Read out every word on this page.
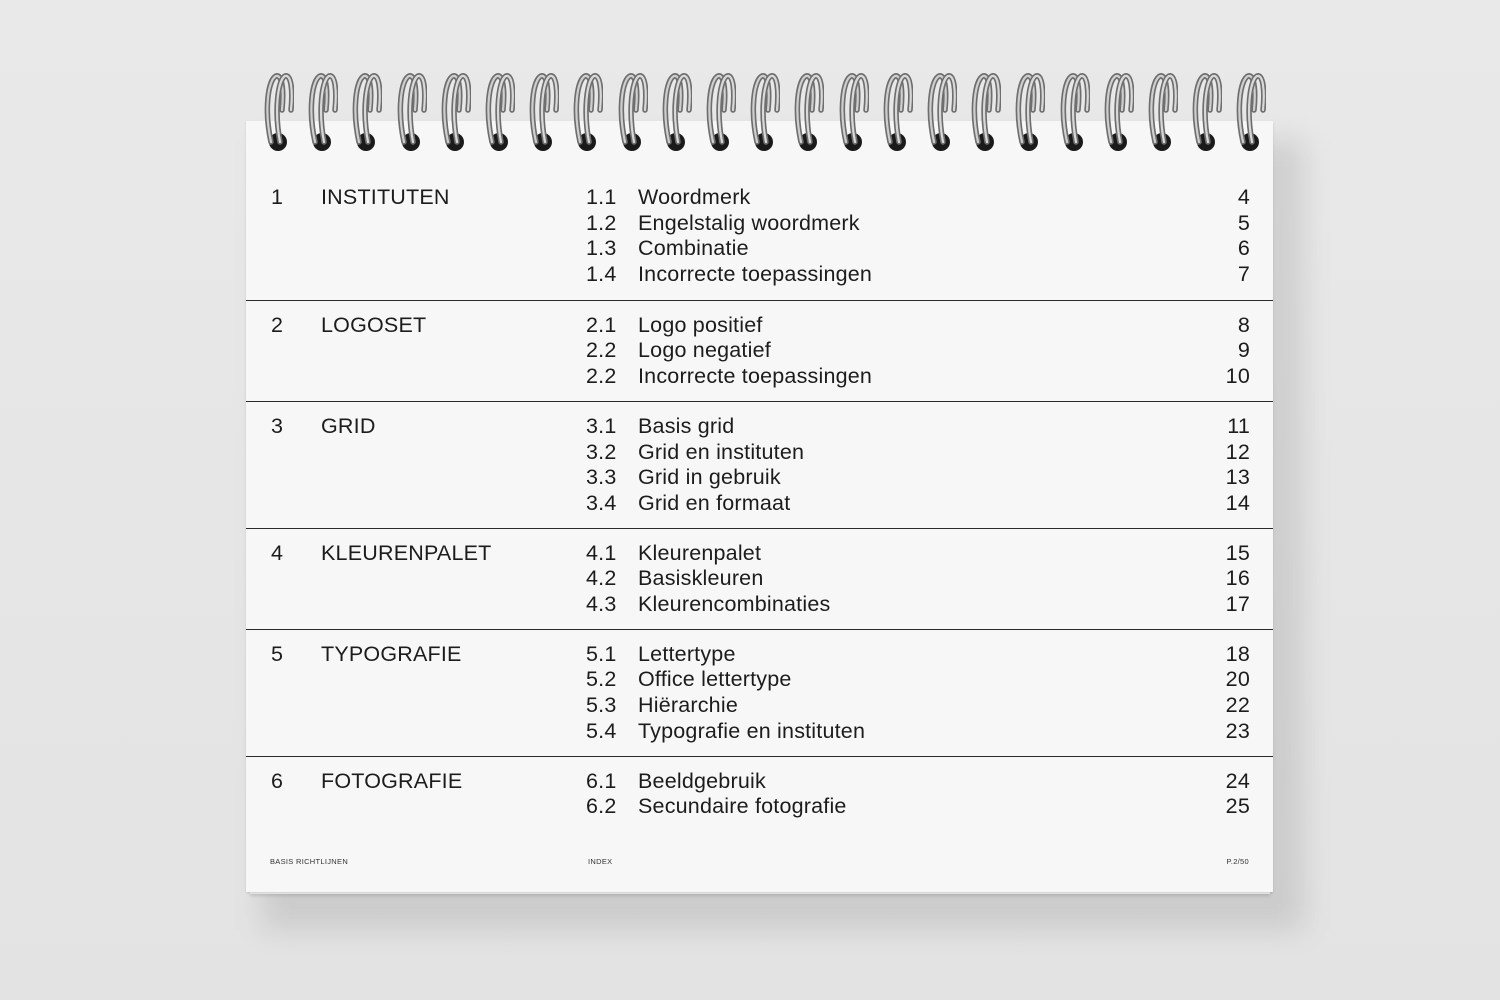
1 INSTITUTEN	1.1 Woordmerk	4
1.2 Engelstalig woordmerk	5
1.3 Combinatie	6
1.4 Incorrecte toepassingen	7
2 LOGOSET	2.1 Logo positief	8
2.2 Logo negatief	9
2.2 Incorrecte toepassingen	10
3 GRID	3.1 Basis grid	11
3.2 Grid en instituten	12
3.3 Grid in gebruik	13
3.4 Grid en formaat	14
4 KLEURENPALET	4.1 Kleurenpalet	15
4.2 Basiskleuren	16
4.3 Kleurencombinaties	17
5 TYPOGRAFIE	5.1 Lettertype	18
5.2 Office lettertype	20
5.3 Hiërarchie	22
5.4 Typografie en instituten	23
6 FOTOGRAFIE	6.1 Beeldgebruik	24
6.2 Secundaire fotografie	25
BASIS RICHTLIJNEN	INDEX	P.2/50
